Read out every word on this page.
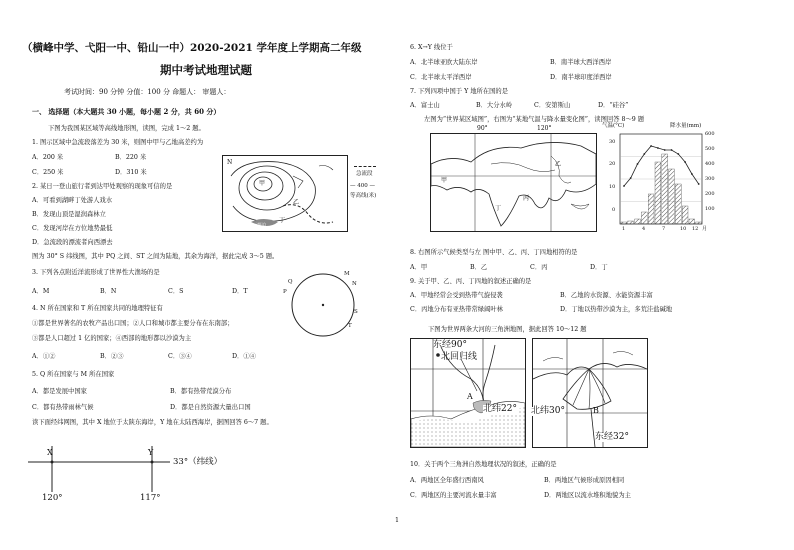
（横峰中学、弋阳一中、铅山一中）2020-2021 学年度上学期高二年级
期中考试地理试题
考试时间：90 分钟 分值：100 分 命题人： 审题人：
一、 选择题（本大题共 30 小题，每小题 2 分，共 60 分）
下图为我国某区域等高线地形图，读图，完成 1～2 题。
1. 图示区域中急流段落差为 30 米，则图中甲与乙地高差约为
A．200 米	B．220 米
C．250 米	D．310 米
2. 某日一登山旅行者到达甲处观察的现象可信的是
A．可看到湖畔丁处游人戏水
B．发现山顶是湿润森林立
C．发现河岸在方位地势最低
D．急流段的漂流者向西漂去
N
甲
乙
丁
湖泊
急流段
— 400 —
等高线(米)
图为 30° S 纬线图，其中 PQ 之间、ST 之间为陆地，其余为海洋，据此完成 3～5 题。
3. 下列各点附近洋流形成了世界性大渔场的是
A．M	B．N	C．S	D．T
M
N
P
Q
S
T
4. N 所在国家和 T 所在国家共同的地理特征有
①都是世界著名的农牧产品出口国；②人口和城市都主要分布在东南部；
③都是人口超过 1 亿的国家；④西部的地形都以沙漠为主
A．①②	B．②③	C．③④	D．①④
5. Q 所在国家与 M 所在国家
A．都是发展中国家	B．都有热带荒漠分布
C．都有热带雨林气候	D．都是自然资源大量出口国
读下面经纬网图，其中 X 地位于太陕东海岸，Y 地在太陆西海岸，据图回答 6～7 题。
X	Y
33°（纬线）
120°	117°
1
6. X→Y 线位于
A．北半球亚欧大陆东岸	B．南半球大西洋西岸
C．北半球太平洋西岸	D．南半球印度洋西岸
7. 下列四项中国于 Y 地所在国的是
A．富士山	B．大分水岭	C．安第斯山	D．“硅谷”
左图为“世界某区域图”，右图为“某地气温与降水量变化图”，读图回答 8～9 题
90°	120°
甲
乙
丙
丁
气温(°C)	降水量(mm)
30
20
10
0
600
500
400
300
200
100
1	4	7	10 12 月
8. 右图所示气候类型与左 图中甲、乙、丙、丁四地相符的是
A．甲	B．乙	C．丙	D．丁
9. 关于甲、乙、丙、丁四地的叙述正确的是
A．甲地经常会受到热带气旋侵袭	B．乙地的水资源、水能资源丰富
C．丙地分布有亚热带常绿阔叶林	D．丁地以热带沙漠为主，多荒洼盐碱地
下图为世界两条大河的三角洲地图，据此回答 10～12 题
东经90°
北回归线
北纬22°
A
北纬30°
东经32°
B
10．关于两个三角洲自然地理状况的叙述，正确的是
A．两地区全年盛行西南风	B．两地区气候形成原因相同
C．两地区的主要河流水量丰富	D．两地区以流水堆积地貌为主
